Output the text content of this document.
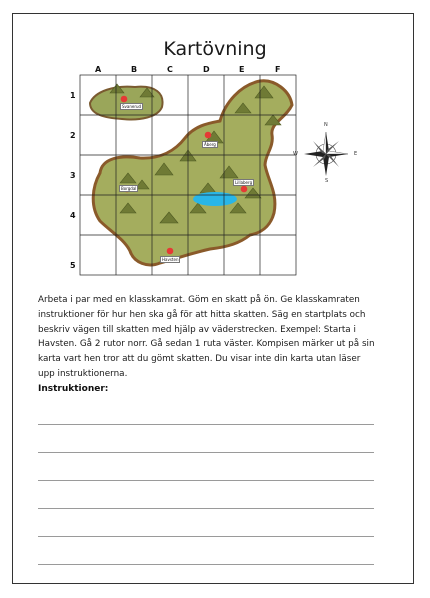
Kartövning
A	B	C	D	E	F
1
2
3
4
5
Svanerud
Åberg
Lillaberg
Borgdal
Havsten
N
S
W	E
Arbeta i par med en klasskamrat. Göm en skatt på ön. Ge klasskamraten instruktioner för hur hen ska gå för att hitta skatten. Säg en startplats och beskriv vägen till skatten med hjälp av väderstrecken. Exempel: Starta i Havsten. Gå 2 rutor norr. Gå sedan 1 ruta väster. Kompisen märker ut på sin karta vart hen tror att du gömt skatten. Du visar inte din karta utan läser upp instruktionerna.
Instruktioner:
